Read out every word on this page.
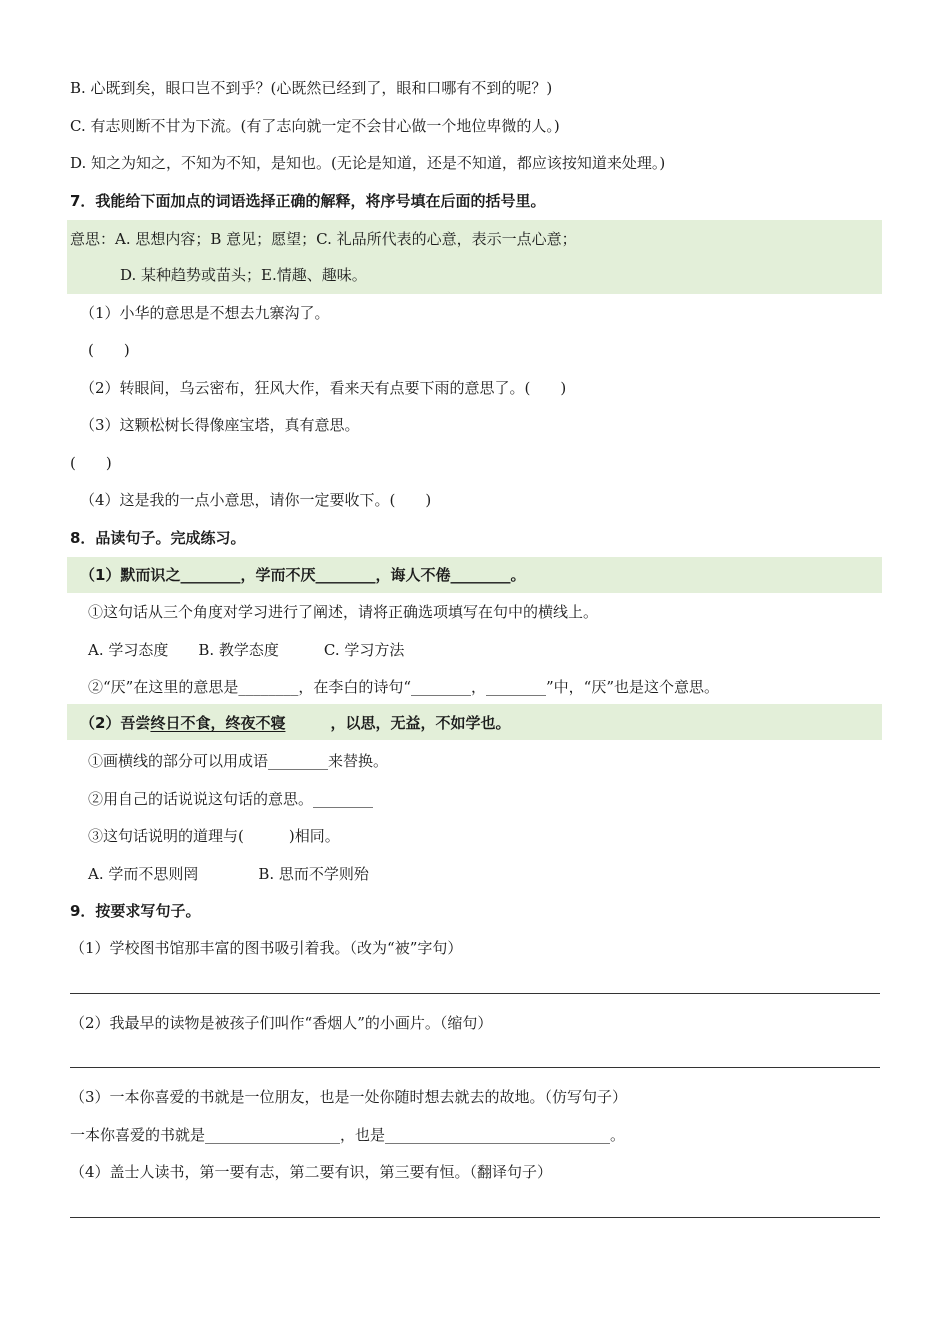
B. 心既到矣，眼口岂不到乎？(心既然已经到了，眼和口哪有不到的呢？)
C. 有志则断不甘为下流。(有了志向就一定不会甘心做一个地位卑微的人。)
D. 知之为知之，不知为不知，是知也。(无论是知道，还是不知道，都应该按知道来处理。)
7．我能给下面加点的词语选择正确的解释，将序号填在后面的括号里。
意思：A. 思想内容；B 意见；愿望；C. 礼品所代表的心意，表示一点心意；
D. 某种趋势或苗头；E.情趣、趣味。
（1）小华的意思是不想去九寨沟了。
(　　)
（2）转眼间，乌云密布，狂风大作，看来天有点要下雨的意思了。(　　)
（3）这颗松树长得像座宝塔，真有意思。
(　　)
（4）这是我的一点小意思，请你一定要收下。(　　)
8．品读句子。完成练习。
（1）默而识之________，学而不厌________，诲人不倦________。
①这句话从三个角度对学习进行了阐述，请将正确选项填写在句中的横线上。
A. 学习态度　　B. 教学态度　　　C. 学习方法
②“厌”在这里的意思是________，在李白的诗句“________，________”中，“厌”也是这个意思。
（2）吾尝终日不食，终夜不寝　　　，以思，无益，不如学也。
①画横线的部分可以用成语________来替换。
②用自己的话说说这句话的意思。________
③这句话说明的道理与(　　　)相同。
A. 学而不思则罔　　　　B. 思而不学则殆
9．按要求写句子。
（1）学校图书馆那丰富的图书吸引着我。（改为“被”字句）
（2）我最早的读物是被孩子们叫作“香烟人”的小画片。（缩句）
（3）一本你喜爱的书就是一位朋友，也是一处你随时想去就去的故地。（仿写句子）
一本你喜爱的书就是__________________，也是______________________________。
（4）盖士人读书，第一要有志，第二要有识，第三要有恒。（翻译句子）
